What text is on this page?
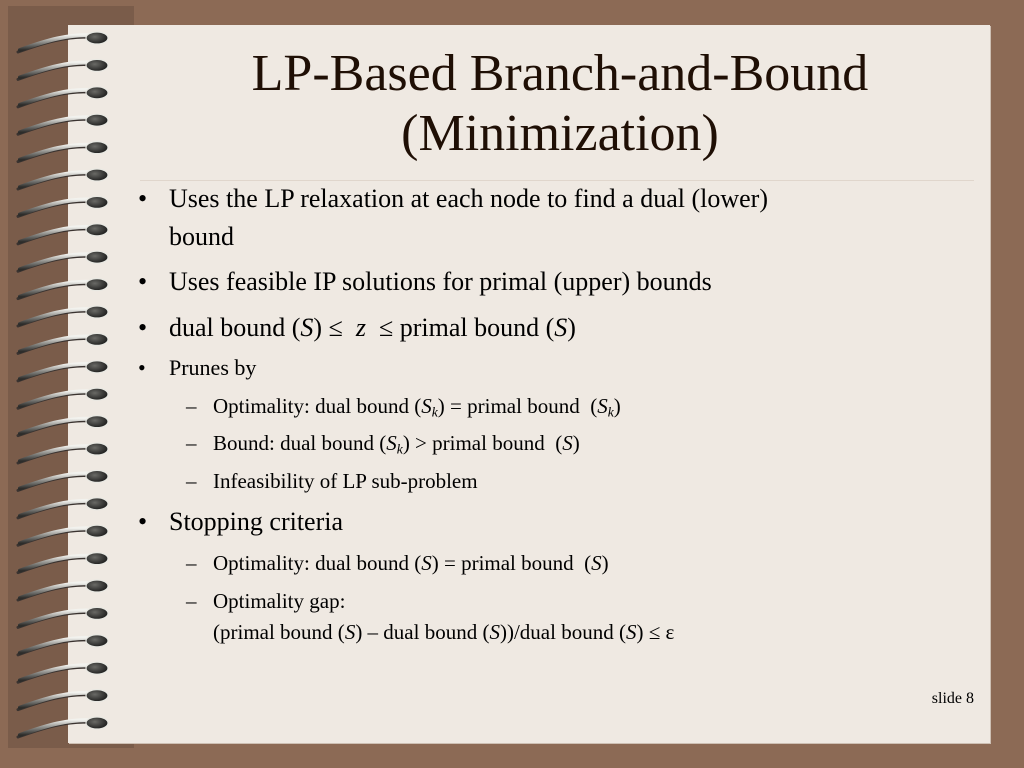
LP-Based Branch-and-Bound
(Minimization)
• Uses the LP relaxation at each node to find a dual (lower)
bound
• Uses feasible IP solutions for primal (upper) bounds
• dual bound (S) ≤  z  ≤ primal bound (S)
• Prunes by
– Optimality: dual bound $(S_k)$ = primal bound  $(S_k)$
– Bound: dual bound $(S_k)$ > primal bound  (S)
– Infeasibility of LP sub-problem
• Stopping criteria
– Optimality: dual bound (S) = primal bound  (S)
– Optimality gap:
(primal bound (S) – dual bound (S))/dual bound (S) ≤ ε
slide 8
